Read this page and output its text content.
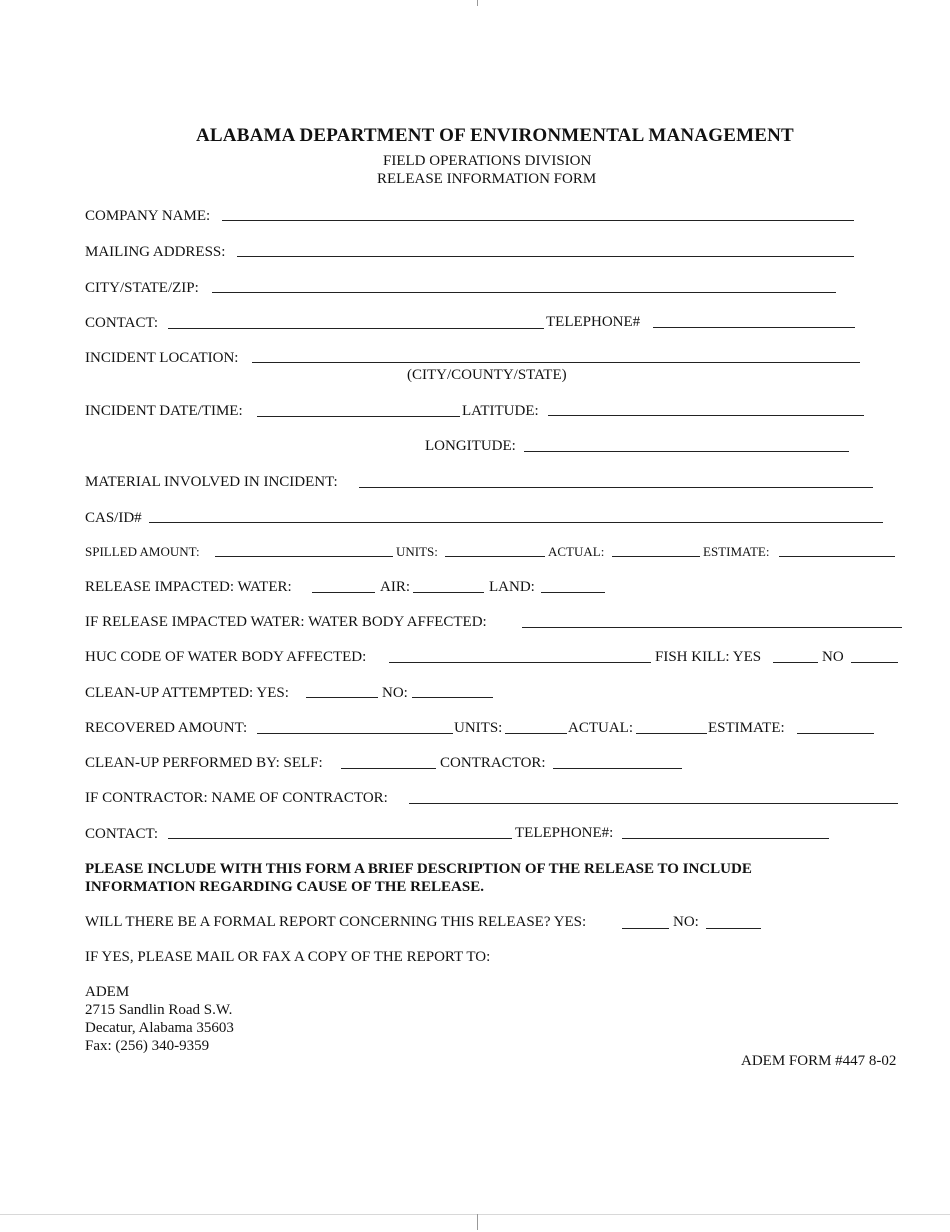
ALABAMA DEPARTMENT OF ENVIRONMENTAL MANAGEMENT
FIELD OPERATIONS DIVISION
RELEASE INFORMATION FORM
COMPANY NAME:
MAILING ADDRESS:
CITY/STATE/ZIP:
CONTACT:	TELEPHONE#
INCIDENT LOCATION:
(CITY/COUNTY/STATE)
INCIDENT DATE/TIME:	LATITUDE:
LONGITUDE:
MATERIAL INVOLVED IN INCIDENT:
CAS/ID#
SPILLED AMOUNT:	UNITS:	ACTUAL:	ESTIMATE:
RELEASE IMPACTED: WATER:	AIR:	LAND:
IF RELEASE IMPACTED WATER: WATER BODY AFFECTED:
HUC CODE OF WATER BODY AFFECTED:	FISH KILL: YES	NO
CLEAN-UP ATTEMPTED: YES:	NO:
RECOVERED AMOUNT:	UNITS:	ACTUAL:	ESTIMATE:
CLEAN-UP PERFORMED BY: SELF:	CONTRACTOR:
IF CONTRACTOR: NAME OF CONTRACTOR:
CONTACT:	TELEPHONE#:
PLEASE INCLUDE WITH THIS FORM A BRIEF DESCRIPTION OF THE RELEASE TO INCLUDE
INFORMATION REGARDING CAUSE OF THE RELEASE.
WILL THERE BE A FORMAL REPORT CONCERNING THIS RELEASE? YES:	NO:
IF YES, PLEASE MAIL OR FAX A COPY OF THE REPORT TO:
ADEM
2715 Sandlin Road S.W.
Decatur, Alabama 35603
Fax: (256) 340-9359
ADEM FORM #447 8-02
